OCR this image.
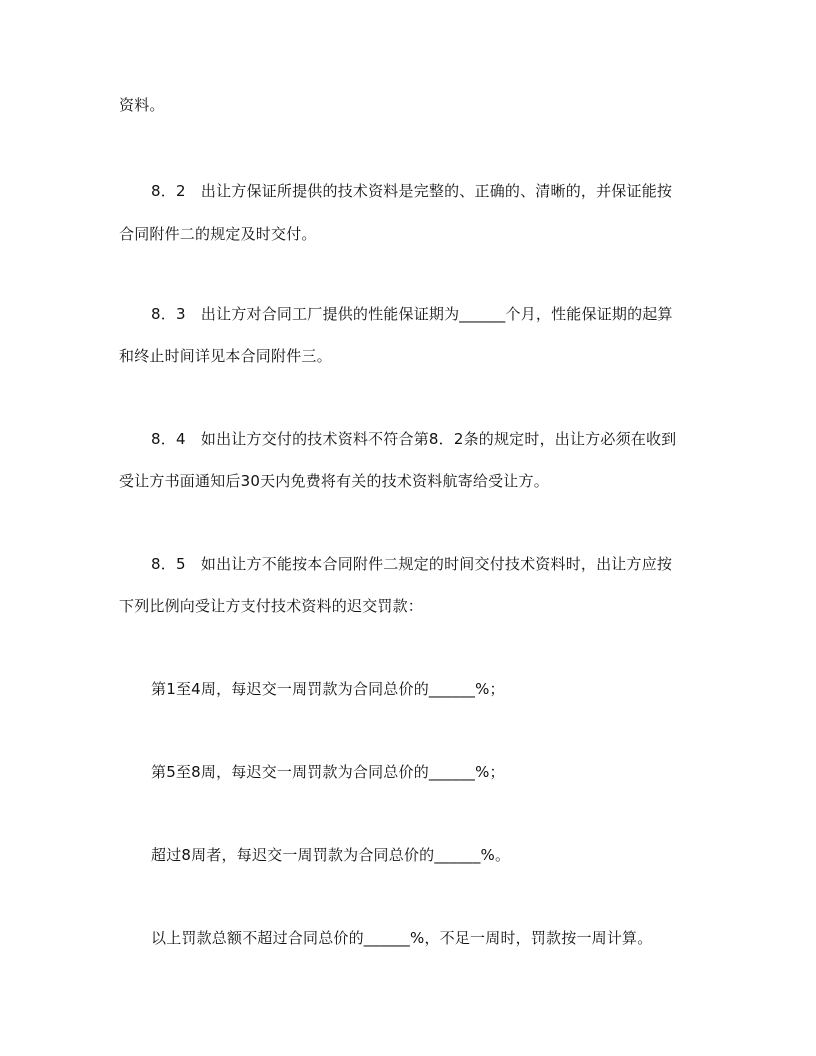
资料。

8．2　出让方保证所提供的技术资料是完整的、正确的、清晰的，并保证能按

合同附件二的规定及时交付。

8．3　出让方对合同工厂提供的性能保证期为______个月，性能保证期的起算

和终止时间详见本合同附件三。

8．4　如出让方交付的技术资料不符合第8．2条的规定时，出让方必须在收到

受让方书面通知后30天内免费将有关的技术资料航寄给受让方。

8．5　如出让方不能按本合同附件二规定的时间交付技术资料时，出让方应按

下列比例向受让方支付技术资料的迟交罚款：

第1至4周，每迟交一周罚款为合同总价的______%；

第5至8周，每迟交一周罚款为合同总价的______%；

超过8周者，每迟交一周罚款为合同总价的______%。

以上罚款总额不超过合同总价的______%，不足一周时，罚款按一周计算。
